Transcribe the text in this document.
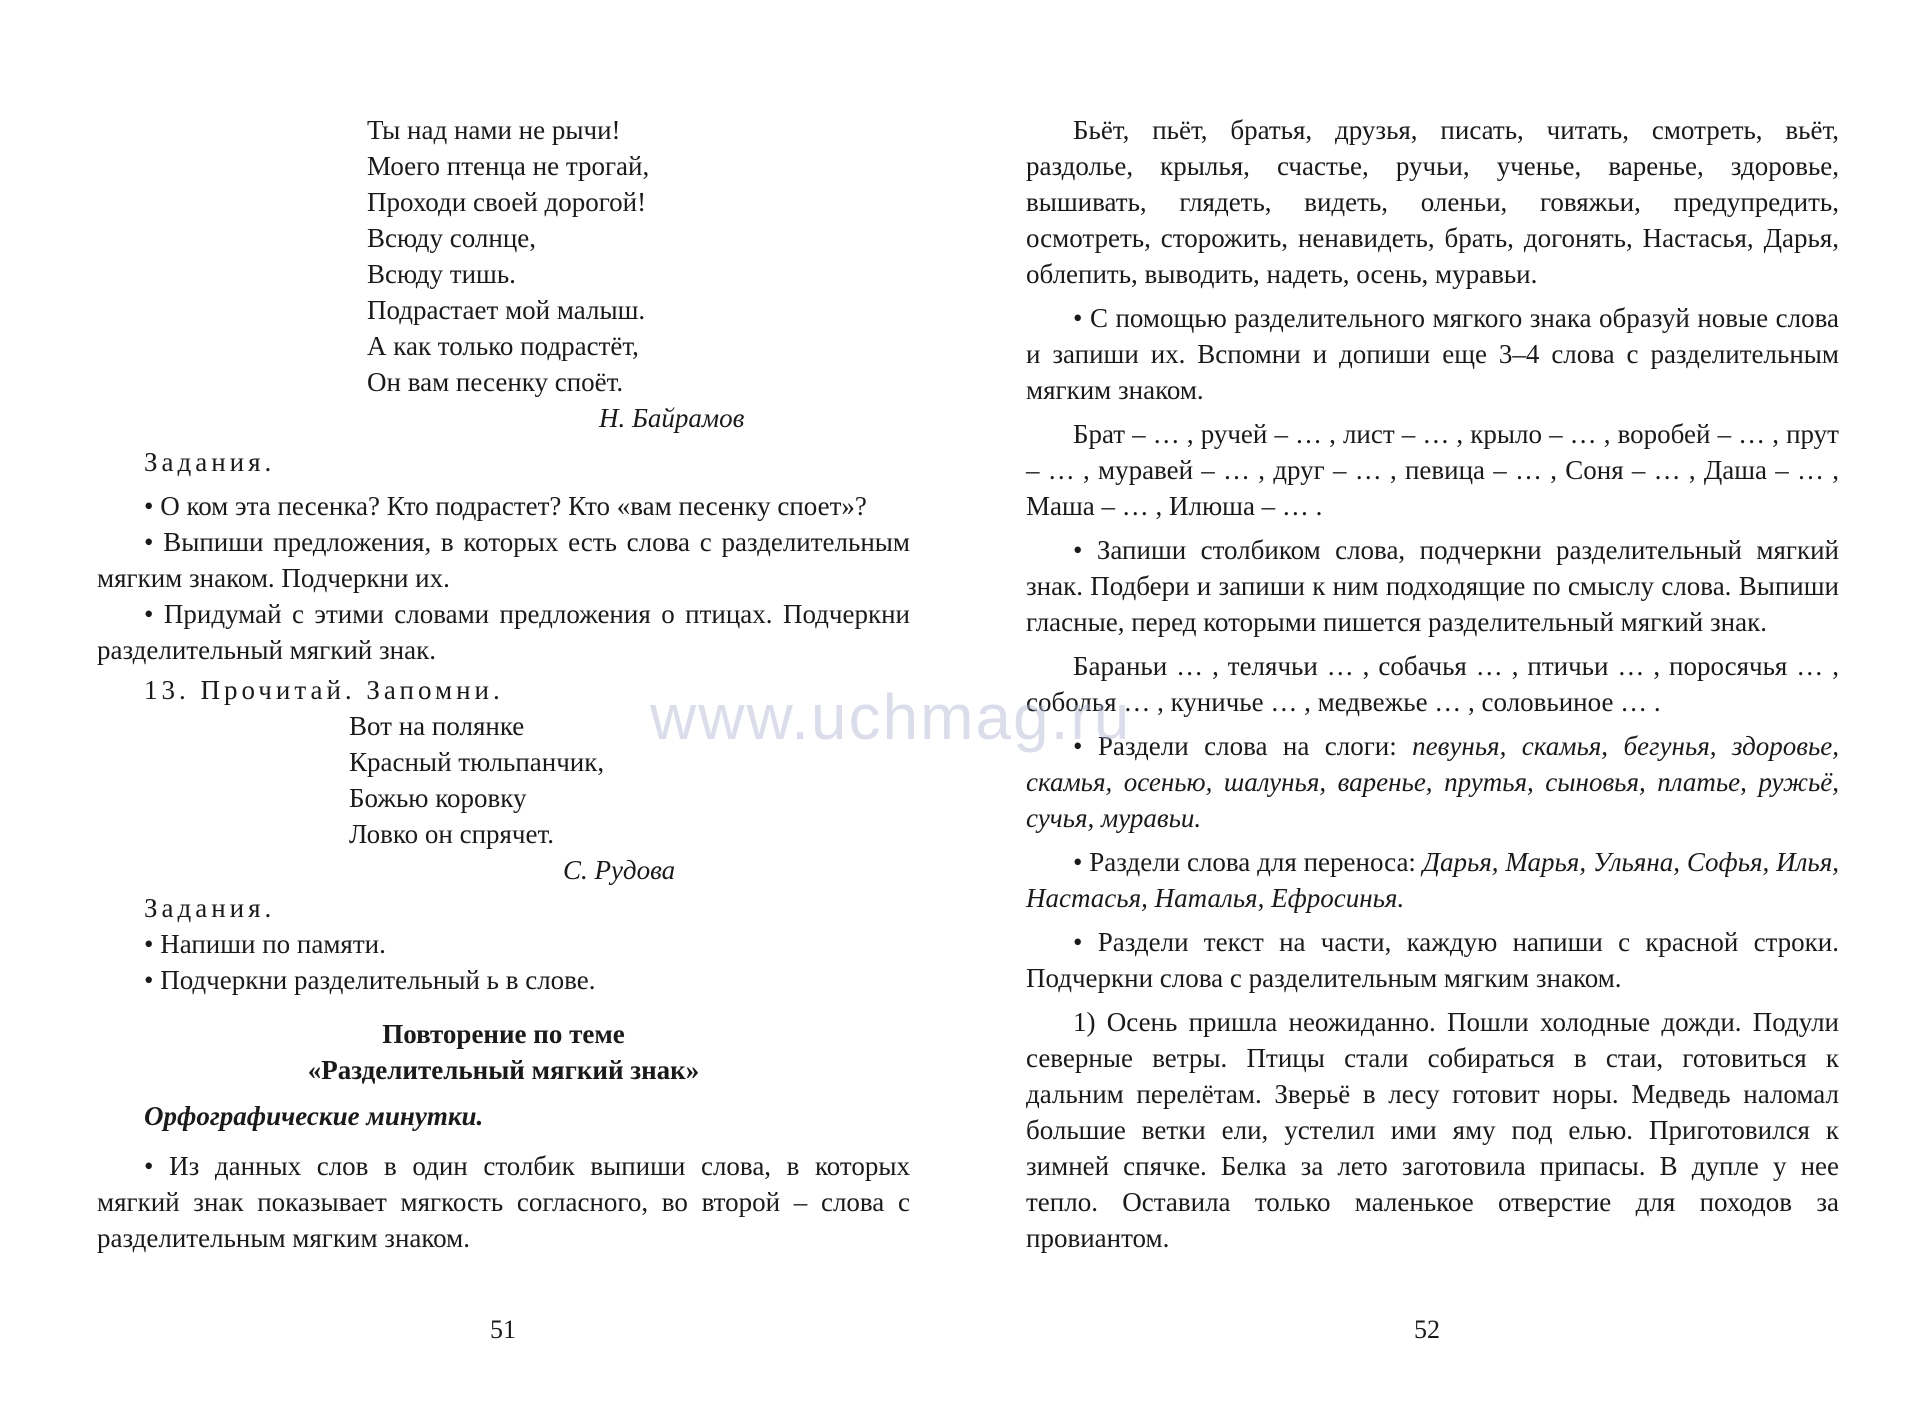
Ты над нами не рычи!
Моего птенца не трогай,
Проходи своей дорогой!
Всюду солнце,
Всюду тишь.
Подрастает мой малыш.
А как только подрастёт,
Он вам песенку споёт.
Н. Байрамов
Задания.

• О ком эта песенка? Кто подрастет? Кто «вам песенку споет»?

• Выпиши предложения, в которых есть слова с разделительным мягким знаком. Подчеркни их.

• Придумай с этими словами предложения о птицах. Подчеркни разделительный мягкий знак.

13. Прочитай. Запомни.
Вот на полянке
Красный тюльпанчик,
Божью коровку
Ловко он спрячет.
С. Рудова
Задания.

• Напиши по памяти.

• Подчеркни разделительный ь в слове.

Повторение по теме
«Разделительный мягкий знак»
Орфографические минутки.

• Из данных слов в один столбик выпиши слова, в которых мягкий знак показывает мягкость согласного, во второй – слова с разделительным мягким знаком.

Бьёт, пьёт, братья, друзья, писать, читать, смотреть, вьёт, раздолье, крылья, счастье, ручьи, ученье, варенье, здоровье, вышивать, глядеть, видеть, оленьи, говяжьи, предупредить, осмотреть, сторожить, ненавидеть, брать, догонять, Настасья, Дарья, облепить, выводить, надеть, осень, муравьи.

• С помощью разделительного мягкого знака образуй новые слова и запиши их. Вспомни и допиши еще 3–4 слова с разделительным мягким знаком.

Брат – … , ручей – … , лист – … , крыло – … , воробей – … , прут – … , муравей – … , друг – … , певица – … , Соня – … , Даша – … , Маша – … , Илюша – … .

• Запиши столбиком слова, подчеркни разделительный мягкий знак. Подбери и запиши к ним подходящие по смыслу слова. Выпиши гласные, перед которыми пишется разделительный мягкий знак.

Бараньи … , телячьи … , собачья … , птичьи … , поросячья … , соболья … , куничье … , медвежье … , соловьиное … .

• Раздели слова на слоги: певунья, скамья, бегунья, здоровье, скамья, осенью, шалунья, варенье, прутья, сыновья, платье, ружьё, сучья, муравьи.

• Раздели слова для переноса: Дарья, Марья, Ульяна, Софья, Илья, Настасья, Наталья, Ефросинья.

• Раздели текст на части, каждую напиши с красной строки. Подчеркни слова с разделительным мягким знаком.

1) Осень пришла неожиданно. Пошли холодные дожди. Подули северные ветры. Птицы стали собираться в стаи, готовиться к дальним перелётам. Зверьё в лесу готовит норы. Медведь наломал большие ветки ели, устелил ими яму под елью. Приготовился к зимней спячке. Белка за лето заготовила припасы. В дупле у нее тепло. Оставила только маленькое отверстие для походов за провиантом.

51	52
www.uchmag.ru
